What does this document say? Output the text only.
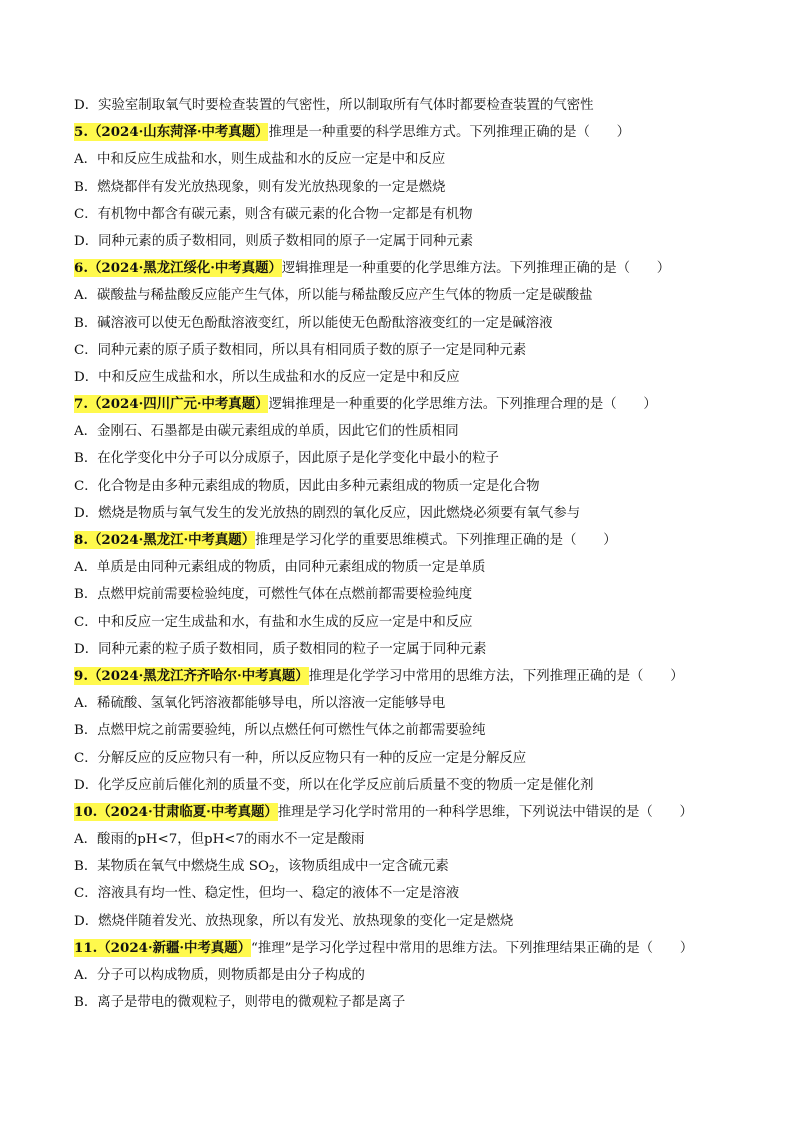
D．实验室制取氧气时要检查装置的气密性，所以制取所有气体时都要检查装置的气密性
5.（2024·山东菏泽·中考真题）推理是一种重要的科学思维方式。下列推理正确的是（　　）
A．中和反应生成盐和水，则生成盐和水的反应一定是中和反应
B．燃烧都伴有发光放热现象，则有发光放热现象的一定是燃烧
C．有机物中都含有碳元素，则含有碳元素的化合物一定都是有机物
D．同种元素的质子数相同，则质子数相同的原子一定属于同种元素
6.（2024·黑龙江绥化·中考真题）逻辑推理是一种重要的化学思维方法。下列推理正确的是（　　）
A．碳酸盐与稀盐酸反应能产生气体，所以能与稀盐酸反应产生气体的物质一定是碳酸盐
B．碱溶液可以使无色酚酞溶液变红，所以能使无色酚酞溶液变红的一定是碱溶液
C．同种元素的原子质子数相同，所以具有相同质子数的原子一定是同种元素
D．中和反应生成盐和水，所以生成盐和水的反应一定是中和反应
7.（2024·四川广元·中考真题）逻辑推理是一种重要的化学思维方法。下列推理合理的是（　　）
A．金刚石、石墨都是由碳元素组成的单质，因此它们的性质相同
B．在化学变化中分子可以分成原子，因此原子是化学变化中最小的粒子
C．化合物是由多种元素组成的物质，因此由多种元素组成的物质一定是化合物
D．燃烧是物质与氧气发生的发光放热的剧烈的氧化反应，因此燃烧必须要有氧气参与
8.（2024·黑龙江·中考真题）推理是学习化学的重要思维模式。下列推理正确的是（　　）
A．单质是由同种元素组成的物质，由同种元素组成的物质一定是单质
B．点燃甲烷前需要检验纯度，可燃性气体在点燃前都需要检验纯度
C．中和反应一定生成盐和水，有盐和水生成的反应一定是中和反应
D．同种元素的粒子质子数相同，质子数相同的粒子一定属于同种元素
9.（2024·黑龙江齐齐哈尔·中考真题）推理是化学学习中常用的思维方法，下列推理正确的是（　　）
A．稀硫酸、氢氧化钙溶液都能够导电，所以溶液一定能够导电
B．点燃甲烷之前需要验纯，所以点燃任何可燃性气体之前都需要验纯
C．分解反应的反应物只有一种，所以反应物只有一种的反应一定是分解反应
D．化学反应前后催化剂的质量不变，所以在化学反应前后质量不变的物质一定是催化剂
10.（2024·甘肃临夏·中考真题）推理是学习化学时常用的一种科学思维，下列说法中错误的是（　　）
A．酸雨的pH<7，但pH<7的雨水不一定是酸雨
B．某物质在氧气中燃烧生成 $SO_2$，该物质组成中一定含硫元素
C．溶液具有均一性、稳定性，但均一、稳定的液体不一定是溶液
D．燃烧伴随着发光、放热现象，所以有发光、放热现象的变化一定是燃烧
11.（2024·新疆·中考真题）“推理”是学习化学过程中常用的思维方法。下列推理结果正确的是（　　）
A．分子可以构成物质，则物质都是由分子构成的
B．离子是带电的微观粒子，则带电的微观粒子都是离子
